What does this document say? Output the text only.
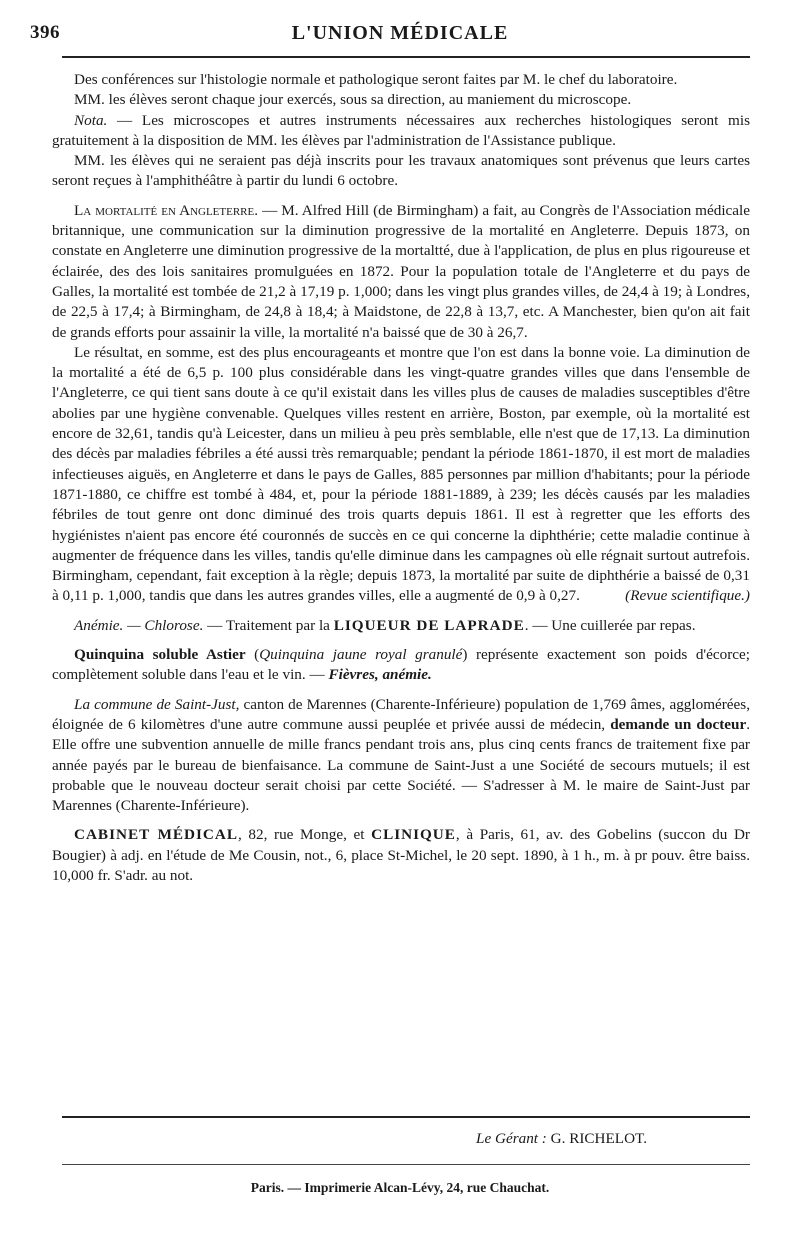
396	L'UNION MÉDICALE

Des conférences sur l'histologie normale et pathologique seront faites par M. le chef du laboratoire.

MM. les élèves seront chaque jour exercés, sous sa direction, au maniement du microscope.

Nota. — Les microscopes et autres instruments nécessaires aux recherches histologiques seront mis gratuitement à la disposition de MM. les élèves par l'administration de l'Assistance publique.

MM. les élèves qui ne seraient pas déjà inscrits pour les travaux anatomiques sont prévenus que leurs cartes seront reçues à l'amphithéâtre à partir du lundi 6 octobre.

La mortalité en Angleterre. — M. Alfred Hill (de Birmingham) a fait, au Congrès de l'Association médicale britannique, une communication sur la diminution progressive de la mortalité en Angleterre. Depuis 1873, on constate en Angleterre une diminution progressive de la mortaltté, due à l'application, de plus en plus rigoureuse et éclairée, des des lois sanitaires promulguées en 1872. Pour la population totale de l'Angleterre et du pays de Galles, la mortalité est tombée de 21,2 à 17,19 p. 1,000; dans les vingt plus grandes villes, de 24,4 à 19; à Londres, de 22,5 à 17,4; à Birmingham, de 24,8 à 18,4; à Maidstone, de 22,8 à 13,7, etc. A Manchester, bien qu'on ait fait de grands efforts pour assainir la ville, la mortalité n'a baissé que de 30 à 26,7.

Le résultat, en somme, est des plus encourageants et montre que l'on est dans la bonne voie. La diminution de la mortalité a été de 6,5 p. 100 plus considérable dans les vingt-quatre grandes villes que dans l'ensemble de l'Angleterre, ce qui tient sans doute à ce qu'il existait dans les villes plus de causes de maladies susceptibles d'être abolies par une hygiène convenable. Quelques villes restent en arrière, Boston, par exemple, où la mortalité est encore de 32,61, tandis qu'à Leicester, dans un milieu à peu près semblable, elle n'est que de 17,13. La diminution des décès par maladies fébriles a été aussi très remarquable; pendant la période 1861-1870, il est mort de maladies infectieuses aiguës, en Angleterre et dans le pays de Galles, 885 personnes par million d'habitants; pour la période 1871-1880, ce chiffre est tombé à 484, et, pour la période 1881-1889, à 239; les décès causés par les maladies fébriles de tout genre ont donc diminué des trois quarts depuis 1861. Il est à regretter que les efforts des hygiénistes n'aient pas encore été couronnés de succès en ce qui concerne la diphthérie; cette maladie continue à augmenter de fréquence dans les villes, tandis qu'elle diminue dans les campagnes où elle régnait surtout autrefois. Birmingham, cependant, fait exception à la règle; depuis 1873, la mortalité par suite de diphthérie a baissé de 0,31 à 0,11 p. 1,000, tandis que dans les autres grandes villes, elle a augmenté de 0,9 à 0,27.	(Revue scientifique.)

Anémie. — Chlorose. — Traitement par la LIQUEUR DE LAPRADE. — Une cuillerée par repas.

Quinquina soluble Astier (Quinquina jaune royal granulé) représente exactement son poids d'écorce; complètement soluble dans l'eau et le vin. — Fièvres, anémie.

La commune de Saint-Just, canton de Marennes (Charente-Inférieure) population de 1,769 âmes, agglomérées, éloignée de 6 kilomètres d'une autre commune aussi peuplée et privée aussi de médecin, demande un docteur. Elle offre une subvention annuelle de mille francs pendant trois ans, plus cinq cents francs de traitement fixe par année payés par le bureau de bienfaisance. La commune de Saint-Just a une Société de secours mutuels; il est probable que le nouveau docteur serait choisi par cette Société. — S'adresser à M. le maire de Saint-Just par Marennes (Charente-Inférieure).

CABINET MÉDICAL, 82, rue Monge, et CLINIQUE, à Paris, 61, av. des Gobelins (succon du Dr Bougier) à adj. en l'étude de Me Cousin, not., 6, place St-Michel, le 20 sept. 1890, à 1 h., m. à pr pouv. être baiss. 10,000 fr. S'adr. au not.

Le Gérant : G. RICHELOT.
Paris. — Imprimerie Alcan-Lévy, 24, rue Chauchat.
